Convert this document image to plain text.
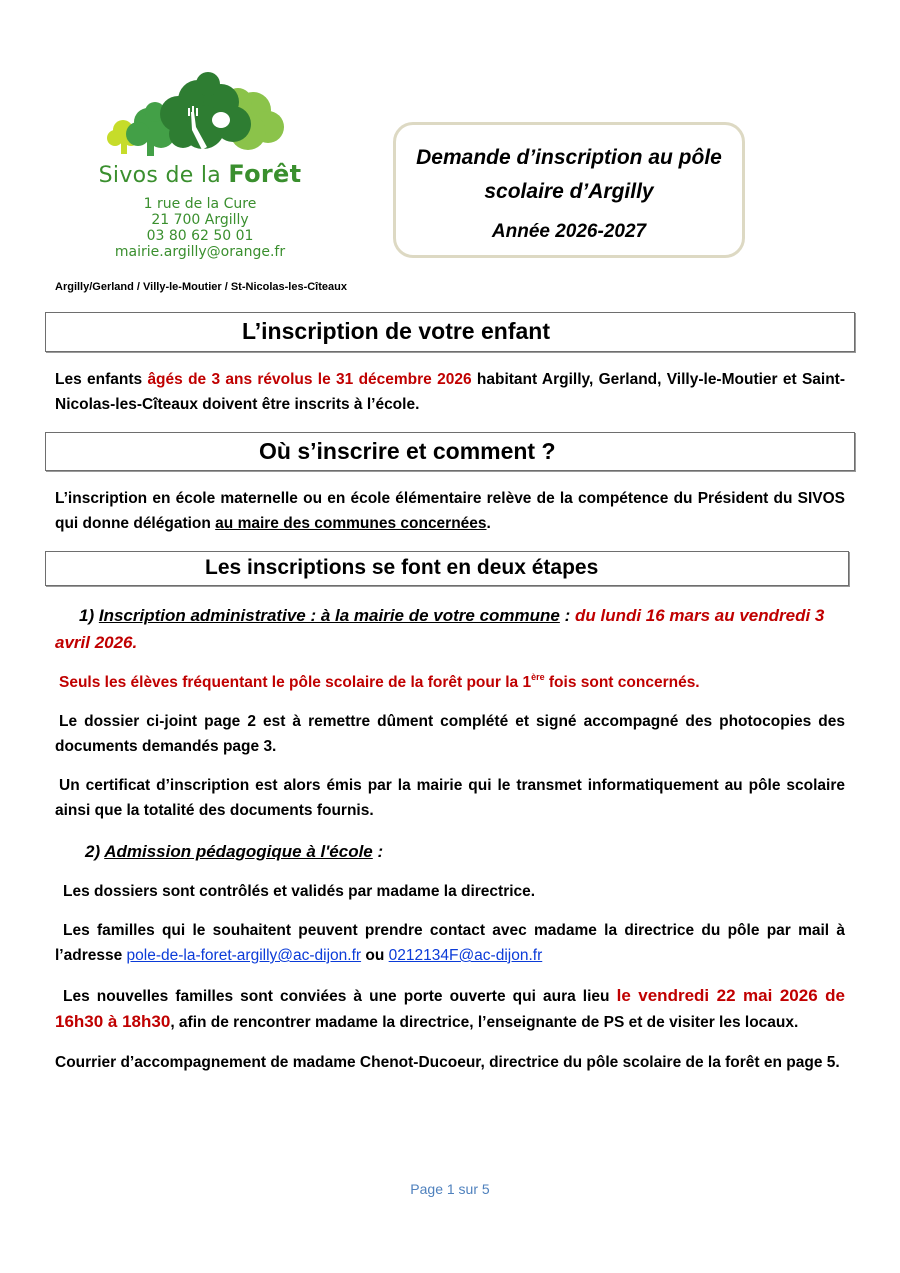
Sivos de la Forêt
1 rue de la Cure
21 700 Argilly
03 80 62 50 01
mairie.argilly@orange.fr
Demande d’inscription au pôle
scolaire d’Argilly
Année 2026-2027
Argilly/Gerland / Villy-le-Moutier / St-Nicolas-les-Cîteaux
L’inscription de votre enfant
Les enfants âgés de 3 ans révolus le 31 décembre 2026 habitant Argilly, Gerland, Villy-le-Moutier et Saint-Nicolas-les-Cîteaux doivent être inscrits à l’école.
Où s’inscrire et comment ?
L’inscription en école maternelle ou en école élémentaire relève de la compétence du Président du SIVOS qui donne délégation au maire des communes concernées.
Les inscriptions se font en deux étapes
1) Inscription administrative : à la mairie de votre commune : du lundi 16 mars au vendredi 3 avril 2026.
Seuls les élèves fréquentant le pôle scolaire de la forêt pour la 1ère fois sont concernés.
Le dossier ci-joint page 2 est à remettre dûment complété et signé accompagné des photocopies des documents demandés page 3.
Un certificat d’inscription est alors émis par la mairie qui le transmet informatiquement au pôle scolaire ainsi que la totalité des documents fournis.
2) Admission pédagogique à l'école :
Les dossiers sont contrôlés et validés par madame la directrice.
Les familles qui le souhaitent peuvent prendre contact avec madame la directrice du pôle par mail à l’adresse pole-de-la-foret-argilly@ac-dijon.fr ou 0212134F@ac-dijon.fr
Les nouvelles familles sont conviées à une porte ouverte qui aura lieu le vendredi 22 mai 2026 de 16h30 à 18h30, afin de rencontrer madame la directrice, l’enseignante de PS et de visiter les locaux.
Courrier d’accompagnement de madame Chenot-Ducoeur, directrice du pôle scolaire de la forêt en page 5.
Page 1 sur 5
